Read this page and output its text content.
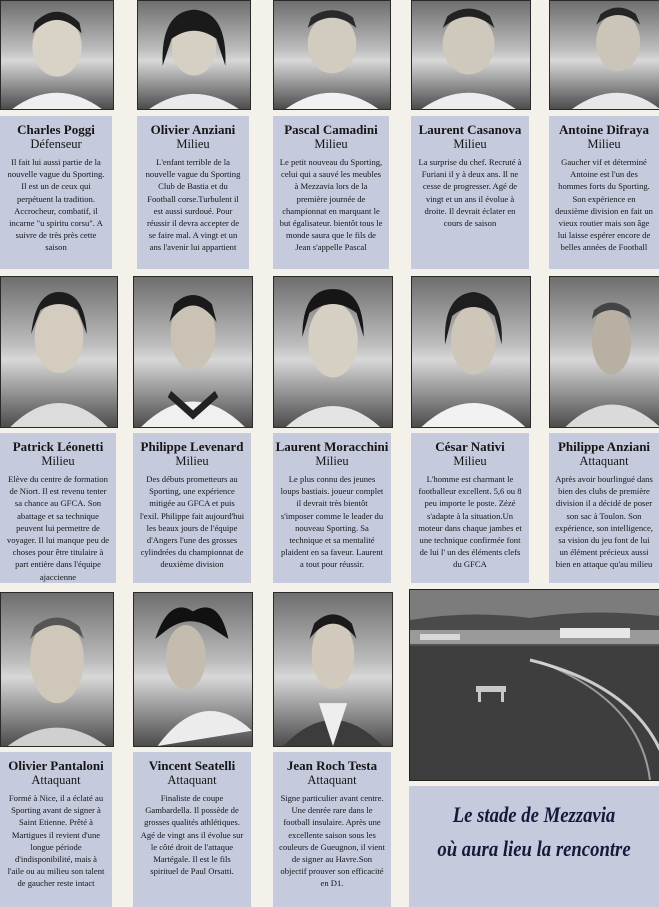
Charles Poggi
Défenseur
Il fait lui aussi partie de la nouvelle vague du Sporting. Il est un de ceux qui perpétuent la tradition. Accrocheur, combatif, il incarne "u spiritu corsu". A suivre de très près cette saison
Olivier Anziani
Milieu
L'enfant terrible de la nouvelle vague du Sporting Club de Bastia et du Football corse.Turbulent il est aussi surdoué. Pour réussir il devra accepter de se faire mal. A vingt et un ans l'avenir lui appartient
Pascal Camadini
Milieu
Le petit nouveau du Sporting, celui qui a sauvé les meubles à Mezzavia lors de la première journée de championnat en marquant le but égalisateur. bientôt tous le monde saura que le fils de Jean s'appelle Pascal
Laurent Casanova
Milieu
La surprise du chef. Recruté à Furiani il y à deux ans. Il ne cesse de progresser. Agé de vingt et un ans il évolue à droite. Il devrait éclater en cours de saison
Antoine Difraya
Milieu
Gaucher vif et déterminé Antoine est l'un des hommes forts du Sporting. Son expérience en deuxième division en fait un vieux routier mais son âge lui laisse espérer encore de belles années de Football
Patrick Léonetti
Milieu
Elève du centre de formation de Niort. Il est revenu tenter sa chance au GFCA. Son abattage et sa technique peuvent lui permettre de voyager. Il lui manque peu de choses pour être titulaire à part entière dans l'équipe ajaccienne
Philippe Levenard
Milieu
Des débuts prometteurs au Sporting, une expérience mitigée au GFCA et puis l'exil. Philippe fait aujourd'hui les beaux jours de l'équipe d'Angers l'une des grosses cylindrées du championnat de deuxième division
Laurent Moracchini
Milieu
Le plus connu des jeunes loups bastiais. joueur complet il devrait très bientôt s'imposer comme le leader du nouveau Sporting. Sa technique et sa mentalité plaident en sa faveur. Laurent a tout pour réussir.
César Nativi
Milieu
L'homme est charmant le footballeur excellent. 5,6 ou 8 peu importe le poste. Zézé s'adapte à la situation.Un moteur dans chaque jambes et une technique confirmée font de lui l' un des éléments clefs du GFCA
Philippe Anziani
Attaquant
Après avoir bourlingué dans bien des clubs de première division il a décidé de poser son sac à Toulon. Son expérience, son intelligence, sa vision du jeu font de lui un élément précieux aussi bien en attaque qu'au milieu
Olivier Pantaloni
Attaquant
Formé à Nice, il a éclaté au Sporting avant de signer à Saint Etienne. Prêté à Martigues il revient d'une longue période d'indisponibilité, mais à l'aile ou au milieu son talent de gaucher reste intact
Vincent Seatelli
Attaquant
Finaliste de coupe Gambardella. Il possède de grosses qualités athlétiques. Agé de vingt ans il évolue sur le côté droit de l'attaque Martégale. Il est le fils spirituel de Paul Orsatti.
Jean Roch Testa
Attaquant
Signe particulier avant centre. Une denrée rare dans le football insulaire. Après une excellente saison sous les couleurs de Gueugnon, il vient de signer au Havre.Son objectif prouver son efficacité en D1.
Le stade de Mezzavia
où aura lieu la rencontre
